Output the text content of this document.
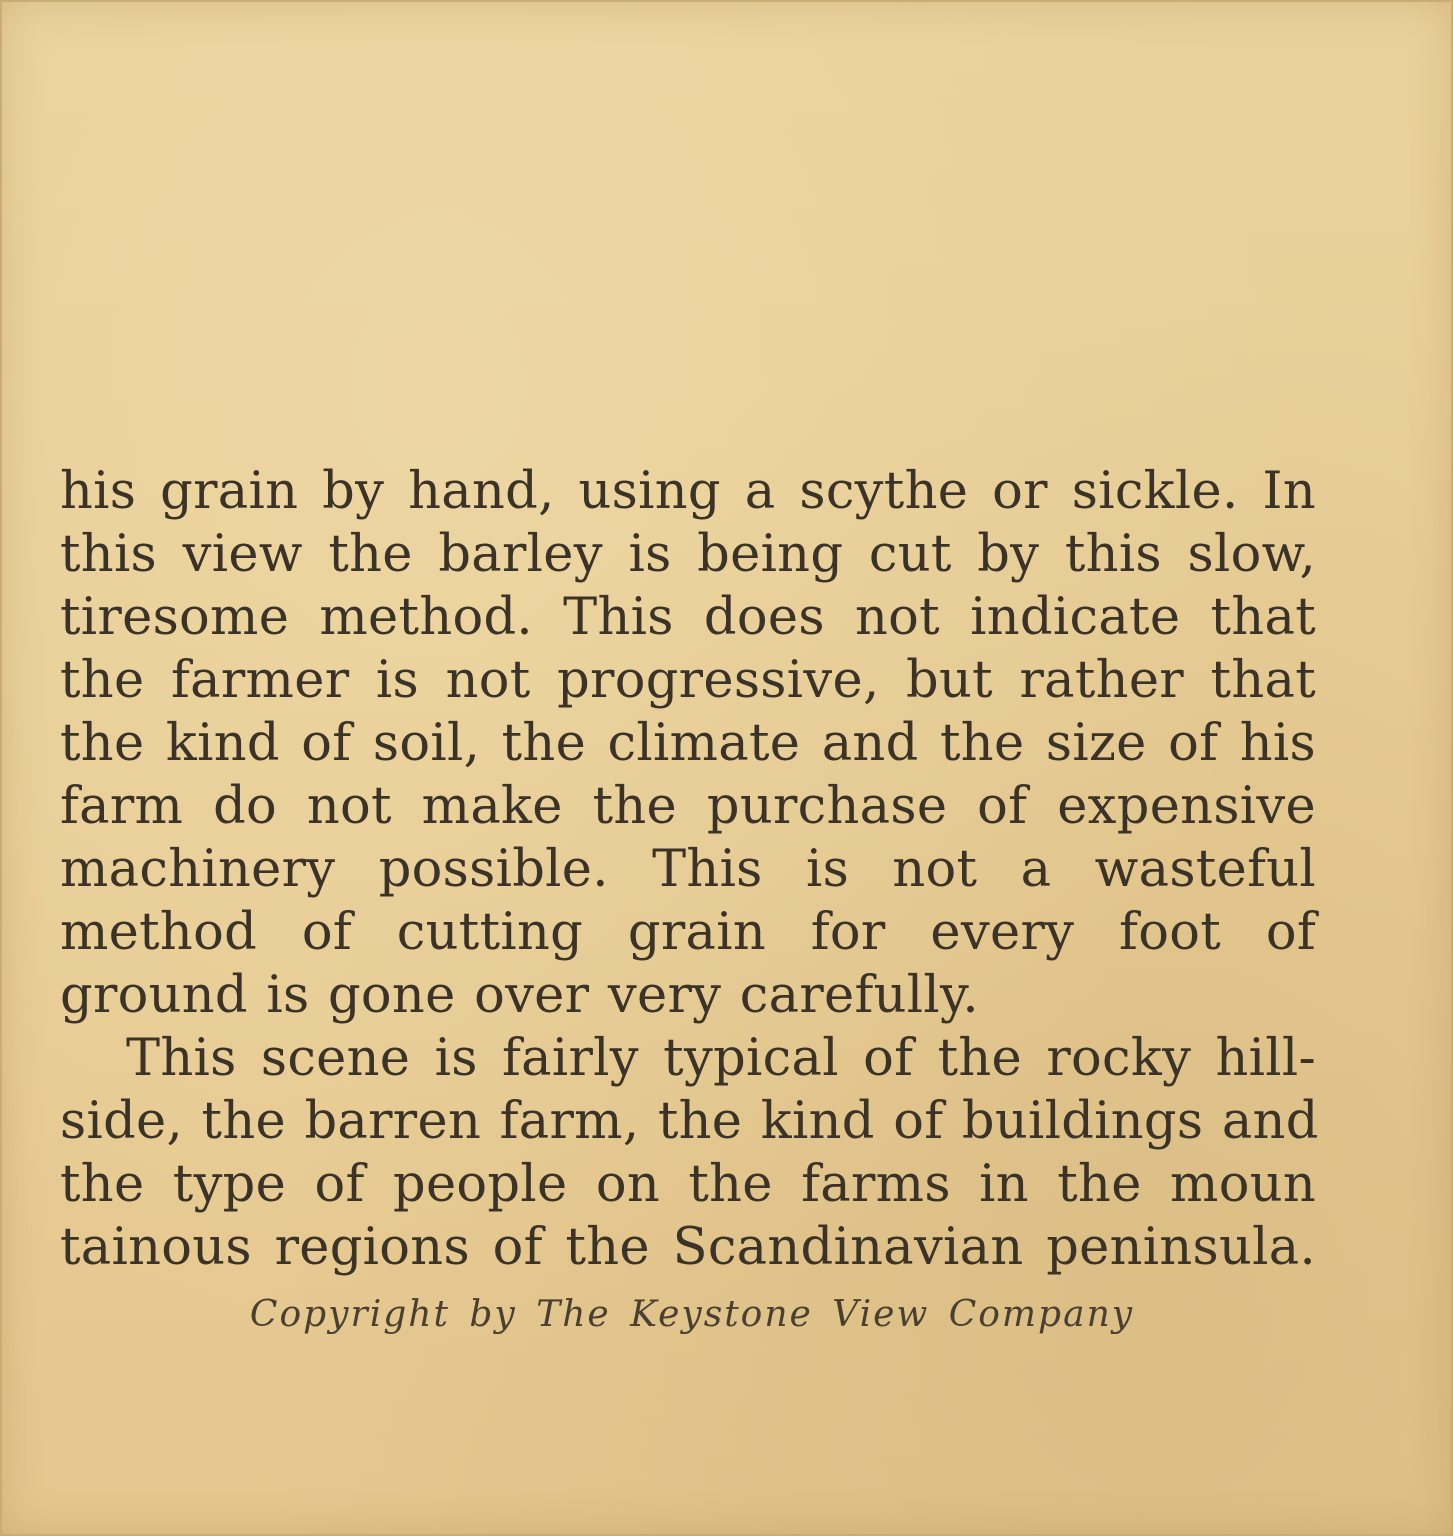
his grain by hand, using a scythe or sickle. In
this view the barley is being cut by this slow,
tiresome method. This does not indicate that
the farmer is not progressive, but rather that
the kind of soil, the climate and the size of his
farm do not make the purchase of expensive
machinery possible. This is not a wasteful
method of cutting grain for every foot of
ground is gone over very carefully.
This scene is fairly typical of the rocky hill-
side, the barren farm, the kind of buildings and
the type of people on the farms in the moun
tainous regions of the Scandinavian peninsula.
Copyright by The Keystone View Company
